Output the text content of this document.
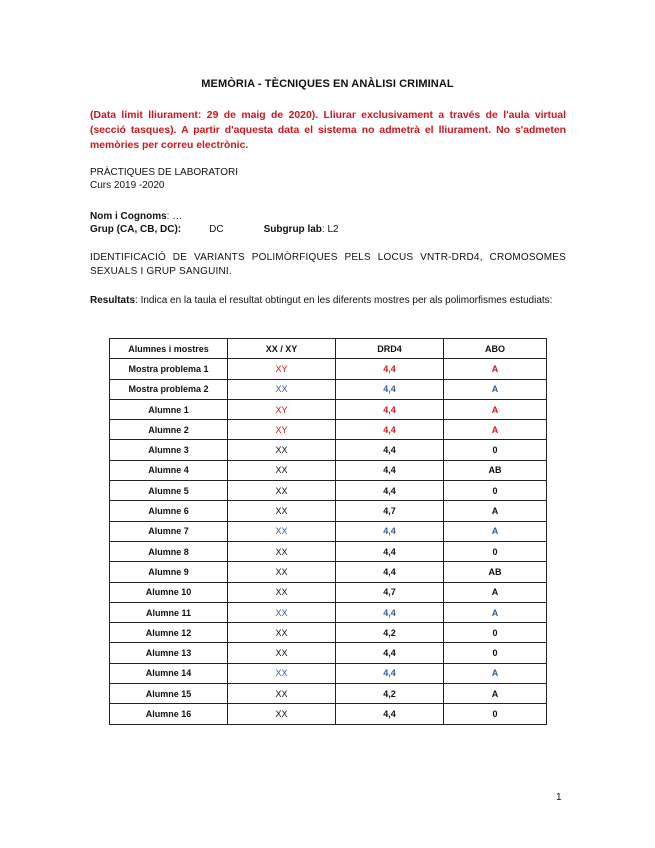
MEMÒRIA - TÈCNIQUES EN ANÀLISI CRIMINAL
(Data límit lliurament: 29 de maig de 2020). Lliurar exclusivament a través de l'aula virtual (secció tasques). A partir d'aquesta data el sistema no admetrà el lliurament. No s'admeten memòries per correu electrònic.
PRÀCTIQUES DE LABORATORI
Curs 2019 -2020
Nom i Cognoms: …
Grup (CA, CB, DC):	DC	Subgrup lab: L2
IDENTIFICACIÓ DE VARIANTS POLIMÒRFIQUES PELS LOCUS VNTR-DRD4, CROMOSOMES SEXUALS I GRUP SANGUINI.
Resultats: Indica en la taula el resultat obtingut en les diferents mostres per als polimorfismes estudiats:
Alumnes i mostres	XX / XY	DRD4	ABO
Mostra problema 1	XY	4,4	A
Mostra problema 2	XX	4,4	A
Alumne 1	XY	4,4	A
Alumne 2	XY	4,4	A
Alumne 3	XX	4,4	0
Alumne 4	XX	4,4	AB
Alumne 5	XX	4,4	0
Alumne 6	XX	4,7	A
Alumne 7	XX	4,4	A
Alumne 8	XX	4,4	0
Alumne 9	XX	4,4	AB
Alumne 10	XX	4,7	A
Alumne 11	XX	4,4	A
Alumne 12	XX	4,2	0
Alumne 13	XX	4,4	0
Alumne 14	XX	4,4	A
Alumne 15	XX	4,2	A
Alumne 16	XX	4,4	0
1
